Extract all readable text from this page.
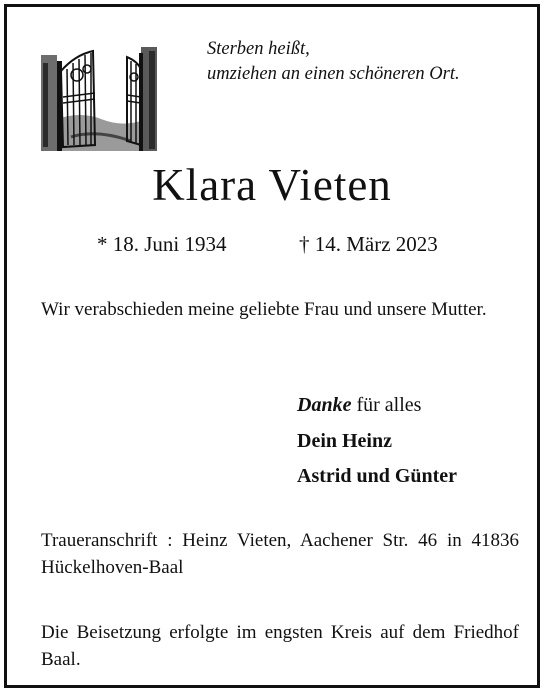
Sterben heißt,
umziehen an einen schöneren Ort.
Klara Vieten
* 18. Juni 1934	† 14. März 2023
Wir verabschieden meine geliebte Frau und unsere Mutter.
Danke für alles
Dein Heinz
Astrid und Günter
Traueranschrift : Heinz Vieten, Aachener Str. 46 in 41836 Hückelhoven-Baal
Die Beisetzung erfolgte im engsten Kreis auf dem Friedhof Baal.
